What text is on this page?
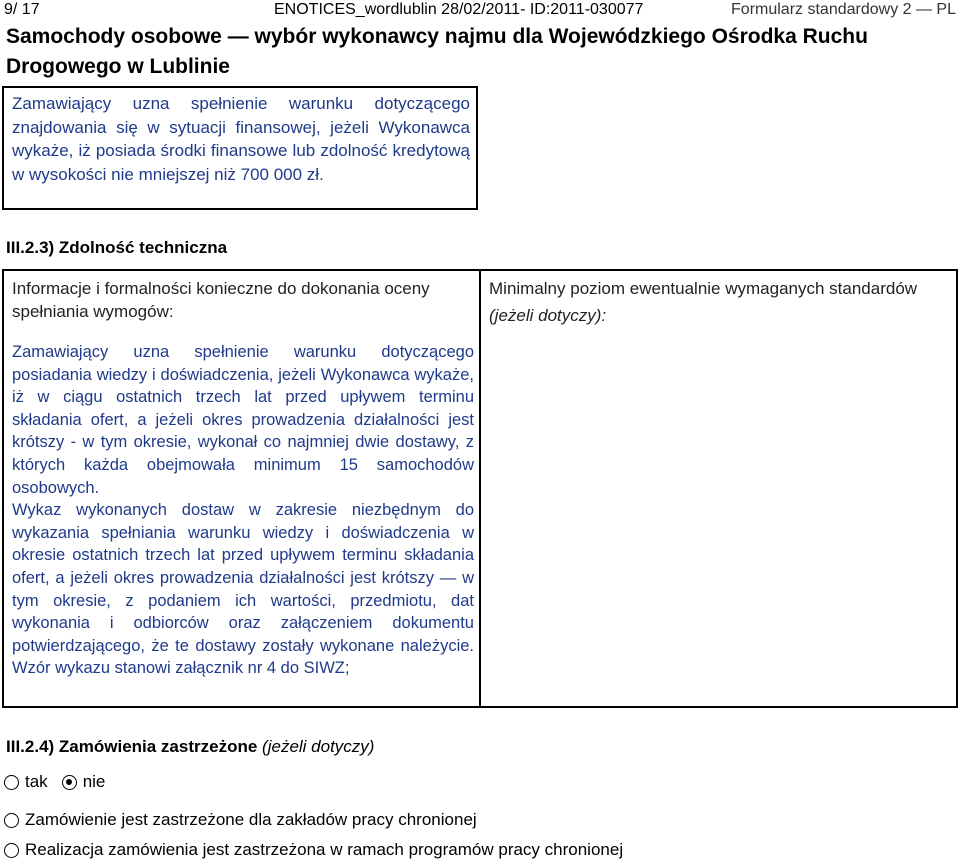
9/ 17	ENOTICES_wordlublin 28/02/2011- ID:2011-030077	Formularz standardowy 2 — PL
Samochody osobowe — wybór wykonawcy najmu dla Wojewódzkiego Ośrodka Ruchu Drogowego w Lublinie
Zamawiający uzna spełnienie warunku dotyczącego znajdowania się w sytuacji finansowej, jeżeli Wykonawca wykaże, iż posiada środki finansowe lub zdolność kredytową w wysokości nie mniejszej niż 700 000 zł.
III.2.3) Zdolność techniczna
Informacje i formalności konieczne do dokonania oceny spełniania wymogów:
Zamawiający uzna spełnienie warunku dotyczącego posiadania wiedzy i doświadczenia, jeżeli Wykonawca wykaże, iż w ciągu ostatnich trzech lat przed upływem terminu składania ofert, a jeżeli okres prowadzenia działalności jest krótszy - w tym okresie, wykonał co najmniej dwie dostawy, z których każda obejmowała minimum 15 samochodów osobowych.
Wykaz wykonanych dostaw w zakresie niezbędnym do wykazania spełniania warunku wiedzy i doświadczenia w okresie ostatnich trzech lat przed upływem terminu składania ofert, a jeżeli okres prowadzenia działalności jest krótszy — w tym okresie, z podaniem ich wartości, przedmiotu, dat wykonania i odbiorców oraz załączeniem dokumentu potwierdzającego, że te dostawy zostały wykonane należycie. Wzór wykazu stanowi załącznik nr 4 do SIWZ;
Minimalny poziom ewentualnie wymaganych standardów
(jeżeli dotyczy):
III.2.4) Zamówienia zastrzeżone (jeżeli dotyczy)
tak nie
Zamówienie jest zastrzeżone dla zakładów pracy chronionej
Realizacja zamówienia jest zastrzeżona w ramach programów pracy chronionej
